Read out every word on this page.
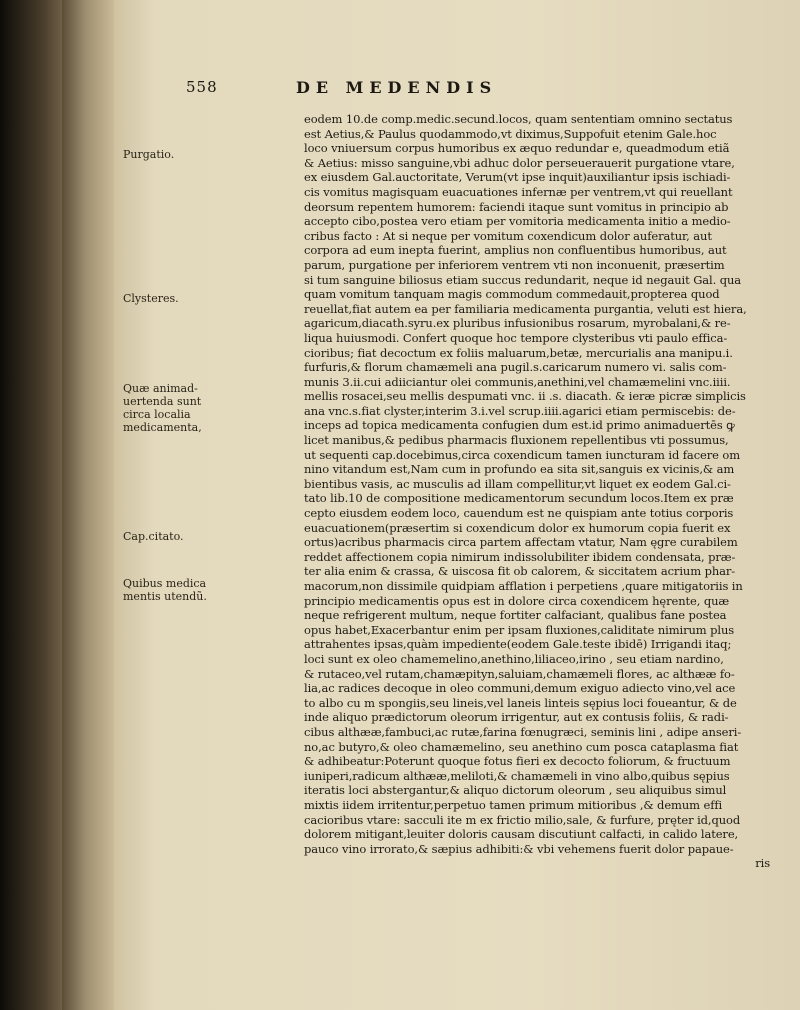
558	DE MEDENDIS
Purgatio.
Clysteres.
Quæ animad-
uertenda sunt
circa localia
medicamenta,
Cap.citato.
Quibus medica
mentis utendũ.
eodem 10.de comp.medic.secund.locos, quam sententiam omnino sectatus
est Aetius,& Paulus quodammodo,vt diximus,Suppofuit etenim Gale.hoc
loco vniuersum corpus humoribus ex æquo redundar e, queadmodum etiã
& Aetius: misso sanguine,vbi adhuc dolor perseuerauerit purgatione vtare,
ex eiusdem Gal.auctoritate, Verum(vt ipse inquit)auxiliantur ipsis ischiadi-
cis vomitus magisquam euacuationes infernæ per ventrem,vt qui reuellant
deorsum repentem humorem: faciendi itaque sunt vomitus in principio ab
accepto cibo,postea vero etiam per vomitoria medicamenta initio a medio-
cribus facto : At si neque per vomitum coxendicum dolor auferatur, aut
corpora ad eum inepta fuerint, amplius non confluentibus humoribus, aut
parum, purgatione per inferiorem ventrem vti non inconuenit, præsertim
si tum sanguine biliosus etiam succus redundarit, neque id negauit Gal. qua
quam vomitum tanquam magis commodum commedauit,propterea quod
reuellat,fiat autem ea per familiaria medicamenta purgantia, veluti est hiera,
agaricum,diacath.syru.ex pluribus infusionibus rosarum, myrobalani,& re-
liqua huiusmodi. Confert quoque hoc tempore clysteribus vti paulo effica-
cioribus; fiat decoctum ex foliis maluarum,betæ, mercurialis ana manipu.i.
furfuris,& florum chamæmeli ana pugil.s.caricarum numero vi. salis com-
munis 3.ii.cui adiiciantur olei communis,anethini,vel chamæmelini vnc.iiii.
mellis rosacei,seu mellis despumati vnc. ii .s. diacath. & ieræ picræ simplicis
ana vnc.s.fiat clyster,interim 3.i.vel scrup.iiii.agarici etiam permiscebis: de-
inceps ad topica medicamenta confugien dum est.id primo animaduertēs ꝙ
licet manibus,& pedibus pharmacis fluxionem repellentibus vti possumus,
ut sequenti cap.docebimus,circa coxendicum tamen iuncturam id facere om
nino vitandum est,Nam cum in profundo ea sita sit,sanguis ex vicinis,& am
bientibus vasis, ac musculis ad illam compellitur,vt liquet ex eodem Gal.ci-
tato lib.10 de compositione medicamentorum secundum locos.Item ex præ
cepto eiusdem eodem loco, cauendum est ne quispiam ante totius corporis
euacuationem(præsertim si coxendicum dolor ex humorum copia fuerit ex
ortus)acribus pharmacis circa partem affectam vtatur, Nam ęgre curabilem
reddet affectionem copia nimirum indissolubiliter ibidem condensata, præ-
ter alia enim & crassa, & uiscosa fit ob calorem, & siccitatem acrium phar-
macorum,non dissimile quidpiam afflation i perpetiens ,quare mitigatoriis in
principio medicamentis opus est in dolore circa coxendicem hęrente, quæ
neque refrigerent multum, neque fortiter calfaciant, qualibus fane postea
opus habet,Exacerbantur enim per ipsam fluxiones,caliditate nimirum plus
attrahentes ipsas,quàm impediente(eodem Gale.teste ibidē) Irrigandi itaq;
loci sunt ex oleo chamemelino,anethino,liliaceo,irino , seu etiam nardino,
& rutaceo,vel rutam,chamæpityn,saluiam,chamæmeli flores, ac althææ fo-
lia,ac radices decoque in oleo communi,demum exiguo adiecto vino,vel ace
to albo cu m spongiis,seu lineis,vel laneis linteis sępius loci foueantur, & de
inde aliquo prædictorum oleorum irrigentur, aut ex contusis foliis, & radi-
cibus althææ,fambuci,ac rutæ,farina fœnugræci, seminis lini , adipe anseri-
no,ac butyro,& oleo chamæmelino, seu anethino cum posca cataplasma fiat
& adhibeatur:Poterunt quoque fotus fieri ex decocto foliorum, & fructuum
iuniperi,radicum althææ,meliloti,& chamæmeli in vino albo,quibus sępius
iteratis loci abstergantur,& aliquo dictorum oleorum , seu aliquibus simul
mixtis iidem irritentur,perpetuo tamen primum mitioribus ,& demum effi
cacioribus vtare: sacculi ite m ex frictio milio,sale, & furfure, pręter id,quod
dolorem mitigant,leuiter doloris causam discutiunt calfacti, in calido latere,
pauco vino irrorato,& sæpius adhibiti:& vbi vehemens fuerit dolor papaue-
ris
